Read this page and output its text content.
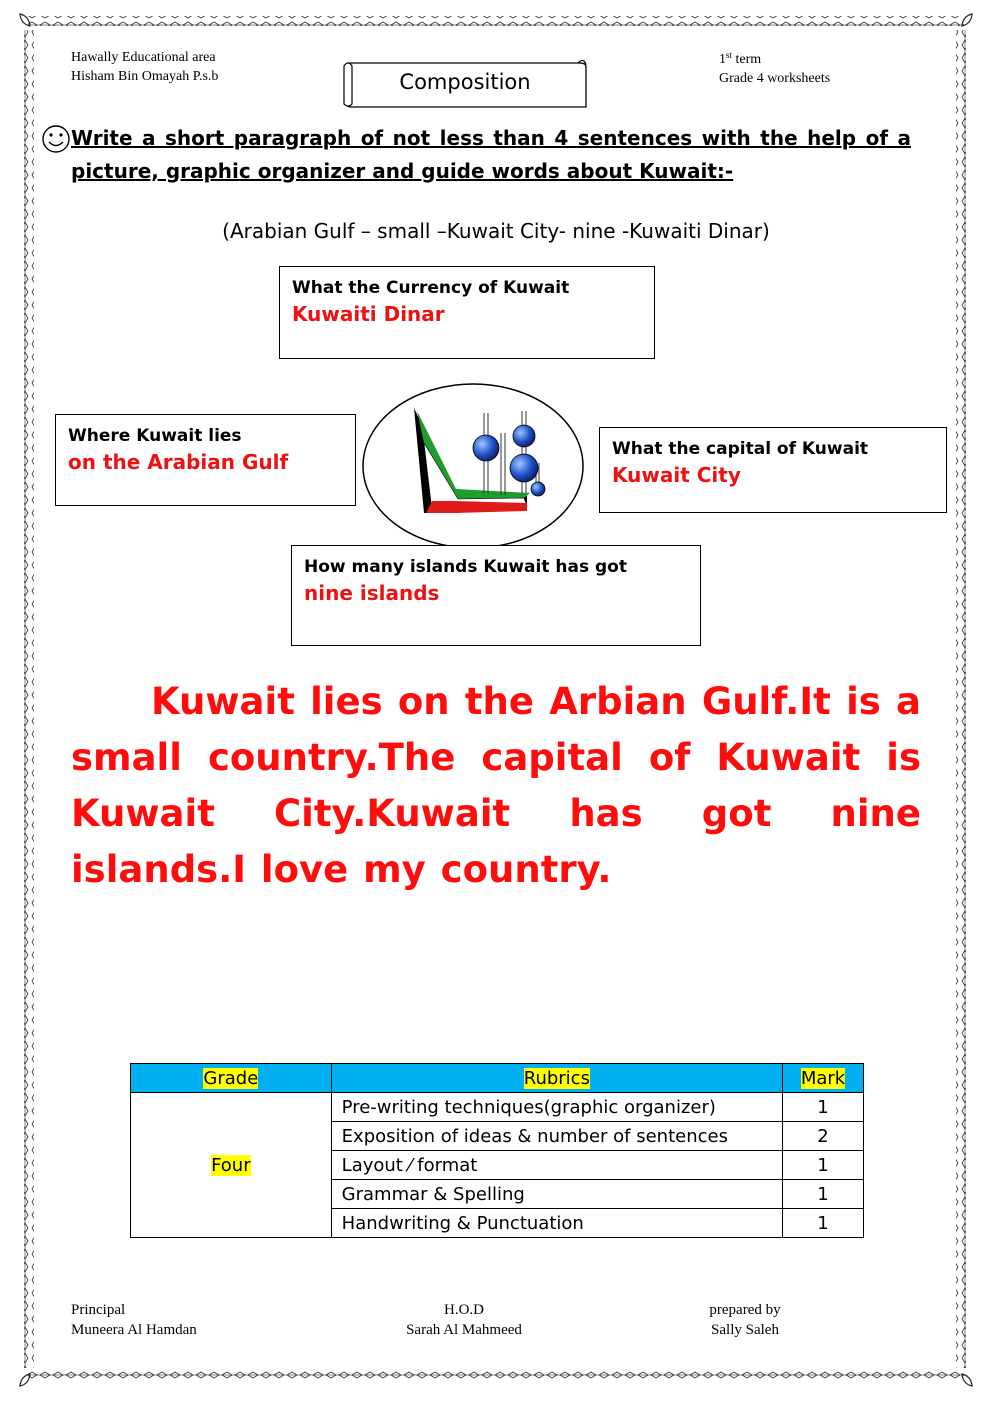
Hawally Educational area
Hisham Bin Omayah P.s.b
1st term
Grade 4 worksheets
Composition
Write a short paragraph of not less than 4 sentences with the help of a
picture, graphic organizer and guide words about Kuwait:-
(Arabian Gulf – small –Kuwait City- nine -Kuwaiti Dinar)
What the Currency of Kuwait
Kuwaiti Dinar
Where Kuwait lies
on the Arabian Gulf
What the capital of Kuwait
Kuwait City
How many islands Kuwait has got
nine islands
Kuwait lies on the Arbian Gulf.It is a small country.The capital of Kuwait is Kuwait City.Kuwait has got nine islands.I love my country.
Grade	Rubrics	Mark
Four	Pre-writing techniques(graphic organizer)	1
	Exposition of ideas & number of sentences	2
	Layout ⁄ format	1
	Grammar & Spelling	1
	Handwriting & Punctuation	1
Principal
Muneera Al Hamdan
H.O.D
Sarah Al Mahmeed
prepared by
Sally Saleh
